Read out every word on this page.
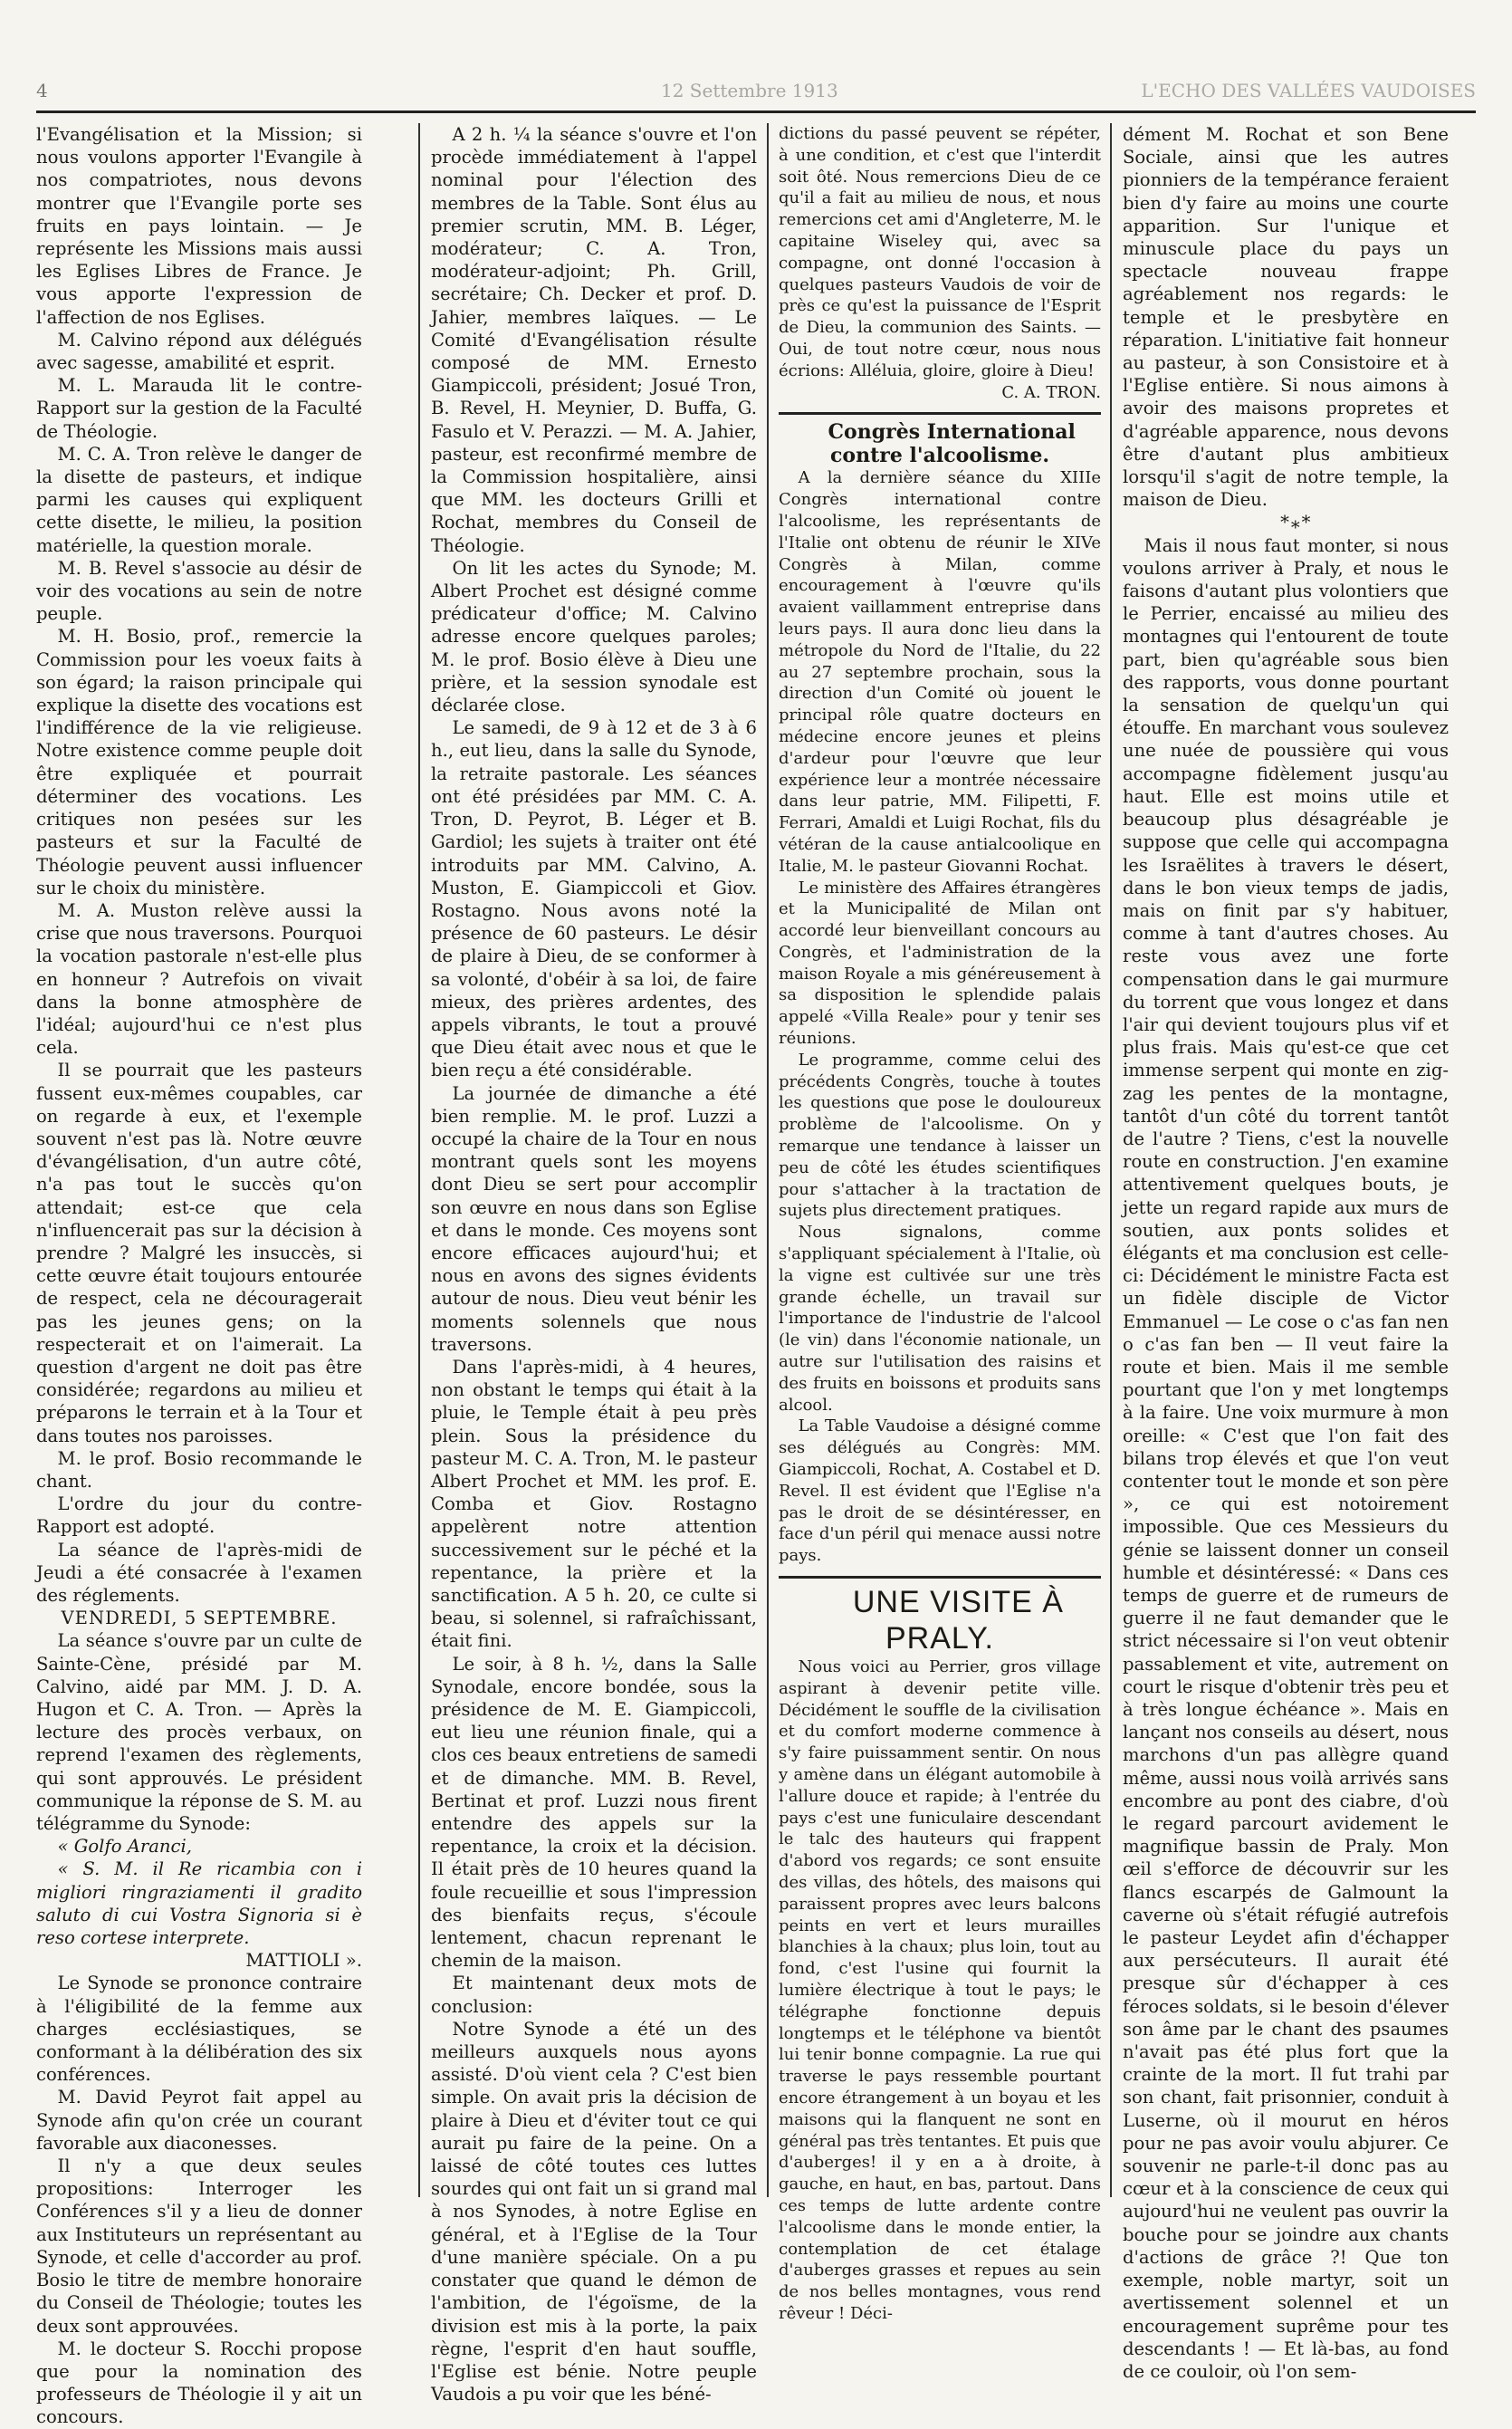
4	12 Settembre 1913	L'ECHO DES VALLÉES VAUDOISES

l'Evangélisation et la Mission; si nous voulons apporter l'Evangile à nos compatriotes, nous devons montrer que l'Evangile porte ses fruits en pays lointain. — Je représente les Missions mais aussi les Eglises Libres de France. Je vous apporte l'expression de l'affection de nos Eglises.

M. Calvino répond aux délégués avec sagesse, amabilité et esprit.

M. L. Marauda lit le contre-Rapport sur la gestion de la Faculté de Théologie.

M. C. A. Tron relève le danger de la disette de pasteurs, et indique parmi les causes qui expliquent cette disette, le milieu, la position matérielle, la question morale.

M. B. Revel s'associe au désir de voir des vocations au sein de notre peuple.

M. H. Bosio, prof., remercie la Commission pour les voeux faits à son égard; la raison principale qui explique la disette des vocations est l'indifférence de la vie religieuse. Notre existence comme peuple doit être expliquée et pourrait déterminer des vocations. Les critiques non pesées sur les pasteurs et sur la Faculté de Théologie peuvent aussi influencer sur le choix du ministère.

M. A. Muston relève aussi la crise que nous traversons. Pourquoi la vocation pastorale n'est-elle plus en honneur ? Autrefois on vivait dans la bonne atmosphère de l'idéal; aujourd'hui ce n'est plus cela.

Il se pourrait que les pasteurs fussent eux-mêmes coupables, car on regarde à eux, et l'exemple souvent n'est pas là. Notre œuvre d'évangélisation, d'un autre côté, n'a pas tout le succès qu'on attendait; est-ce que cela n'influencerait pas sur la décision à prendre ? Malgré les insuccès, si cette œuvre était toujours entourée de respect, cela ne découragerait pas les jeunes gens; on la respecterait et on l'aimerait. La question d'argent ne doit pas être considérée; regardons au milieu et préparons le terrain et à la Tour et dans toutes nos paroisses.

M. le prof. Bosio recommande le chant.

L'ordre du jour du contre-Rapport est adopté.

La séance de l'après-midi de Jeudi a été consacrée à l'examen des réglements.

VENDREDI, 5 SEPTEMBRE.

La séance s'ouvre par un culte de Sainte-Cène, présidé par M. Calvino, aidé par MM. J. D. A. Hugon et C. A. Tron. — Après la lecture des procès verbaux, on reprend l'examen des règlements, qui sont approuvés. Le président communique la réponse de S. M. au télégramme du Synode:

« Golfo Aranci,

« S. M. il Re ricambia con i migliori ringraziamenti il gradito saluto di cui Vostra Signoria si è reso cortese interprete.

MATTIOLI ».

Le Synode se prononce contraire à l'éligibilité de la femme aux charges ecclésiastiques, se conformant à la délibération des six conférences.

M. David Peyrot fait appel au Synode afin qu'on crée un courant favorable aux diaconesses.

Il n'y a que deux seules propositions: Interroger les Conférences s'il y a lieu de donner aux Instituteurs un représentant au Synode, et celle d'accorder au prof. Bosio le titre de membre honoraire du Conseil de Théologie; toutes les deux sont approuvées.

M. le docteur S. Rocchi propose que pour la nomination des professeurs de Théologie il y ait un concours.

A 2 h. ¼ la séance s'ouvre et l'on procède immédiatement à l'appel nominal pour l'élection des membres de la Table. Sont élus au premier scrutin, MM. B. Léger, modérateur; C. A. Tron, modérateur-adjoint; Ph. Grill, secrétaire; Ch. Decker et prof. D. Jahier, membres laïques. — Le Comité d'Evangélisation résulte composé de MM. Ernesto Giampiccoli, président; Josué Tron, B. Revel, H. Meynier, D. Buffa, G. Fasulo et V. Perazzi. — M. A. Jahier, pasteur, est reconfirmé membre de la Commission hospitalière, ainsi que MM. les docteurs Grilli et Rochat, membres du Conseil de Théologie.

On lit les actes du Synode; M. Albert Prochet est désigné comme prédicateur d'office; M. Calvino adresse encore quelques paroles; M. le prof. Bosio élève à Dieu une prière, et la session synodale est déclarée close.

Le samedi, de 9 à 12 et de 3 à 6 h., eut lieu, dans la salle du Synode, la retraite pastorale. Les séances ont été présidées par MM. C. A. Tron, D. Peyrot, B. Léger et B. Gardiol; les sujets à traiter ont été introduits par MM. Calvino, A. Muston, E. Giampiccoli et Giov. Rostagno. Nous avons noté la présence de 60 pasteurs. Le désir de plaire à Dieu, de se conformer à sa volonté, d'obéir à sa loi, de faire mieux, des prières ardentes, des appels vibrants, le tout a prouvé que Dieu était avec nous et que le bien reçu a été considérable.

La journée de dimanche a été bien remplie. M. le prof. Luzzi a occupé la chaire de la Tour en nous montrant quels sont les moyens dont Dieu se sert pour accomplir son œuvre en nous dans son Eglise et dans le monde. Ces moyens sont encore efficaces aujourd'hui; et nous en avons des signes évidents autour de nous. Dieu veut bénir les moments solennels que nous traversons.

Dans l'après-midi, à 4 heures, non obstant le temps qui était à la pluie, le Temple était à peu près plein. Sous la présidence du pasteur M. C. A. Tron, M. le pasteur Albert Prochet et MM. les prof. E. Comba et Giov. Rostagno appelèrent notre attention successivement sur le péché et la repentance, la prière et la sanctification. A 5 h. 20, ce culte si beau, si solennel, si rafraîchissant, était fini.

Le soir, à 8 h. ½, dans la Salle Synodale, encore bondée, sous la présidence de M. E. Giampiccoli, eut lieu une réunion finale, qui a clos ces beaux entretiens de samedi et de dimanche. MM. B. Revel, Bertinat et prof. Luzzi nous firent entendre des appels sur la repentance, la croix et la décision. Il était près de 10 heures quand la foule recueillie et sous l'impression des bienfaits reçus, s'écoule lentement, chacun reprenant le chemin de la maison.

Et maintenant deux mots de conclusion:

Notre Synode a été un des meilleurs auxquels nous ayons assisté. D'où vient cela ? C'est bien simple. On avait pris la décision de plaire à Dieu et d'éviter tout ce qui aurait pu faire de la peine. On a laissé de côté toutes ces luttes sourdes qui ont fait un si grand mal à nos Synodes, à notre Eglise en général, et à l'Eglise de la Tour d'une manière spéciale. On a pu constater que quand le démon de l'ambition, de l'égoïsme, de la division est mis à la porte, la paix règne, l'esprit d'en haut souffle, l'Eglise est bénie. Notre peuple Vaudois a pu voir que les béné-

dictions du passé peuvent se répéter, à une condition, et c'est que l'interdit soit ôté. Nous remercions Dieu de ce qu'il a fait au milieu de nous, et nous remercions cet ami d'Angleterre, M. le capitaine Wiseley qui, avec sa compagne, ont donné l'occasion à quelques pasteurs Vaudois de voir de près ce qu'est la puissance de l'Esprit de Dieu, la communion des Saints. — Oui, de tout notre cœur, nous nous écrions: Alléluia, gloire, gloire à Dieu!

C. A. TRON.

Congrès International contre l'alcoolisme.

A la dernière séance du XIIIe Congrès international contre l'alcoolisme, les représentants de l'Italie ont obtenu de réunir le XIVe Congrès à Milan, comme encouragement à l'œuvre qu'ils avaient vaillamment entreprise dans leurs pays. Il aura donc lieu dans la métropole du Nord de l'Italie, du 22 au 27 septembre prochain, sous la direction d'un Comité où jouent le principal rôle quatre docteurs en médecine encore jeunes et pleins d'ardeur pour l'œuvre que leur expérience leur a montrée nécessaire dans leur patrie, MM. Filipetti, F. Ferrari, Amaldi et Luigi Rochat, fils du vétéran de la cause antialcoolique en Italie, M. le pasteur Giovanni Rochat.

Le ministère des Affaires étrangères et la Municipalité de Milan ont accordé leur bienveillant concours au Congrès, et l'administration de la maison Royale a mis généreusement à sa disposition le splendide palais appelé «Villa Reale» pour y tenir ses réunions.

Le programme, comme celui des précédents Congrès, touche à toutes les questions que pose le douloureux problème de l'alcoolisme. On y remarque une tendance à laisser un peu de côté les études scientifiques pour s'attacher à la tractation de sujets plus directement pratiques.

Nous signalons, comme s'appliquant spécialement à l'Italie, où la vigne est cultivée sur une très grande échelle, un travail sur l'importance de l'industrie de l'alcool (le vin) dans l'économie nationale, un autre sur l'utilisation des raisins et des fruits en boissons et produits sans alcool.

La Table Vaudoise a désigné comme ses délégués au Congrès: MM. Giampiccoli, Rochat, A. Costabel et D. Revel. Il est évident que l'Eglise n'a pas le droit de se désintéresser, en face d'un péril qui menace aussi notre pays.

UNE VISITE À PRALY.

Nous voici au Perrier, gros village aspirant à devenir petite ville. Décidément le souffle de la civilisation et du comfort moderne commence à s'y faire puissamment sentir. On nous y amène dans un élégant automobile à l'allure douce et rapide; à l'entrée du pays c'est une funiculaire descendant le talc des hauteurs qui frappent d'abord vos regards; ce sont ensuite des villas, des hôtels, des maisons qui paraissent propres avec leurs balcons peints en vert et leurs murailles blanchies à la chaux; plus loin, tout au fond, c'est l'usine qui fournit la lumière électrique à tout le pays; le télégraphe fonctionne depuis longtemps et le téléphone va bientôt lui tenir bonne compagnie. La rue qui traverse le pays ressemble pourtant encore étrangement à un boyau et les maisons qui la flanquent ne sont en général pas très tentantes. Et puis que d'auberges! il y en a à droite, à gauche, en haut, en bas, partout. Dans ces temps de lutte ardente contre l'alcoolisme dans le monde entier, la contemplation de cet étalage d'auberges grasses et repues au sein de nos belles montagnes, vous rend rêveur ! Déci-

dément M. Rochat et son Bene Sociale, ainsi que les autres pionniers de la tempérance feraient bien d'y faire au moins une courte apparition. Sur l'unique et minuscule place du pays un spectacle nouveau frappe agréablement nos regards: le temple et le presbytère en réparation. L'initiative fait honneur au pasteur, à son Consistoire et à l'Eglise entière. Si nous aimons à avoir des maisons propretes et d'agréable apparence, nous devons être d'autant plus ambitieux lorsqu'il s'agit de notre temple, la maison de Dieu.

*⁎*

Mais il nous faut monter, si nous voulons arriver à Praly, et nous le faisons d'autant plus volontiers que le Perrier, encaissé au milieu des montagnes qui l'entourent de toute part, bien qu'agréable sous bien des rapports, vous donne pourtant la sensation de quelqu'un qui étouffe. En marchant vous soulevez une nuée de poussière qui vous accompagne fidèlement jusqu'au haut. Elle est moins utile et beaucoup plus désagréable je suppose que celle qui accompagna les Israëlites à travers le désert, dans le bon vieux temps de jadis, mais on finit par s'y habituer, comme à tant d'autres choses. Au reste vous avez une forte compensation dans le gai murmure du torrent que vous longez et dans l'air qui devient toujours plus vif et plus frais. Mais qu'est-ce que cet immense serpent qui monte en zig-zag les pentes de la montagne, tantôt d'un côté du torrent tantôt de l'autre ? Tiens, c'est la nouvelle route en construction. J'en examine attentivement quelques bouts, je jette un regard rapide aux murs de soutien, aux ponts solides et élégants et ma conclusion est celle-ci: Décidément le ministre Facta est un fidèle disciple de Victor Emmanuel — Le cose o c'as fan nen o c'as fan ben — Il veut faire la route et bien. Mais il me semble pourtant que l'on y met longtemps à la faire. Une voix murmure à mon oreille: « C'est que l'on fait des bilans trop élevés et que l'on veut contenter tout le monde et son père », ce qui est notoirement impossible. Que ces Messieurs du génie se laissent donner un conseil humble et désintéressé: « Dans ces temps de guerre et de rumeurs de guerre il ne faut demander que le strict nécessaire si l'on veut obtenir passablement et vite, autrement on court le risque d'obtenir très peu et à très longue échéance ». Mais en lançant nos conseils au désert, nous marchons d'un pas allègre quand même, aussi nous voilà arrivés sans encombre au pont des ciabre, d'où le regard parcourt avidement le magnifique bassin de Praly. Mon œil s'efforce de découvrir sur les flancs escarpés de Galmount la caverne où s'était réfugié autrefois le pasteur Leydet afin d'échapper aux persécuteurs. Il aurait été presque sûr d'échapper à ces féroces soldats, si le besoin d'élever son âme par le chant des psaumes n'avait pas été plus fort que la crainte de la mort. Il fut trahi par son chant, fait prisonnier, conduit à Luserne, où il mourut en héros pour ne pas avoir voulu abjurer. Ce souvenir ne parle-t-il donc pas au cœur et à la conscience de ceux qui aujourd'hui ne veulent pas ouvrir la bouche pour se joindre aux chants d'actions de grâce ?! Que ton exemple, noble martyr, soit un avertissement solennel et un encouragement suprême pour tes descendants ! — Et là-bas, au fond de ce couloir, où l'on sem-
